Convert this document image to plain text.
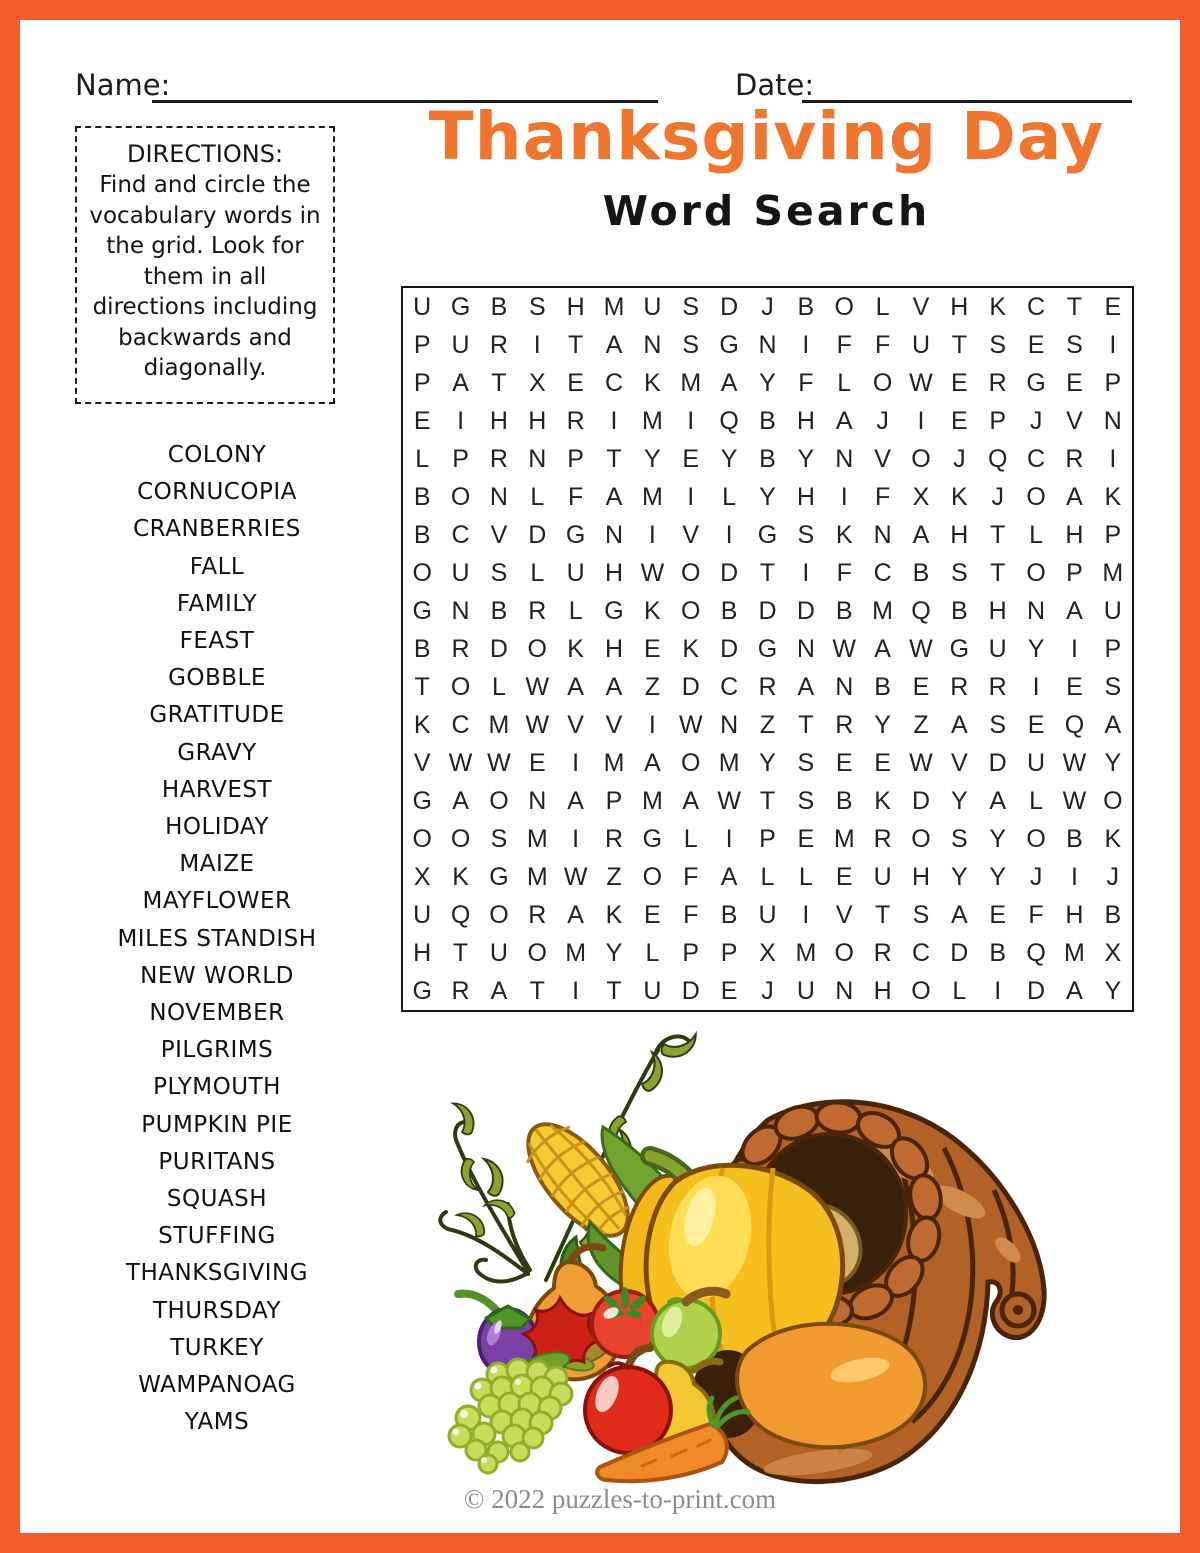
Name:	Date:
Thanksgiving Day
Word Search
DIRECTIONS:
Find and circle the vocabulary words in the grid. Look for them in all directions including backwards and diagonally.
U G B S H M U S D J B O L V H K C T E
P U R	I	T A N S G N	I	F F U T S E S	I
P A T X E C K M A Y F L O W E R G E P
E	I	H H R	I M I	Q B H A J	I	E P J V N
L P R N P T Y E Y B Y N V O J Q C R	I
B O N L F A M I	L Y H	I	F X K J O A K
B C V D G N	I	V	I	G S K N A H T L H P
O U S L U H W O D T	I	F C B S T O P M
G N B R L G K O B D D B M Q B H N A U
B R D O K H E K D G N W A W G U Y	I	P
T O L W A A Z D C R A N B E R R	I	E S
K C M W V V	I W N Z T R Y Z A S E Q A
V W W E	I M A O M Y S E E W V D U W Y
G A O N A P M A W T S B K D Y A L W O
O O S M I	R G L	I	P E M R O S Y O B K
X K G M W Z O F A L L E U H Y Y J	I	J
U Q O R A K E F B U	I	V T S A E F H B
H T U O M Y L P P X M O R C D B Q M X
G R A T	I	T U D E J U N H O L	I	D A Y
COLONY
CORNUCOPIA
CRANBERRIES
FALL
FAMILY
FEAST
GOBBLE
GRATITUDE
GRAVY
HARVEST
HOLIDAY
MAIZE
MAYFLOWER
MILES STANDISH
NEW WORLD
NOVEMBER
PILGRIMS
PLYMOUTH
PUMPKIN PIE
PURITANS
SQUASH
STUFFING
THANKSGIVING
THURSDAY
TURKEY
WAMPANOAG
YAMS
© 2022 puzzles-to-print.com
